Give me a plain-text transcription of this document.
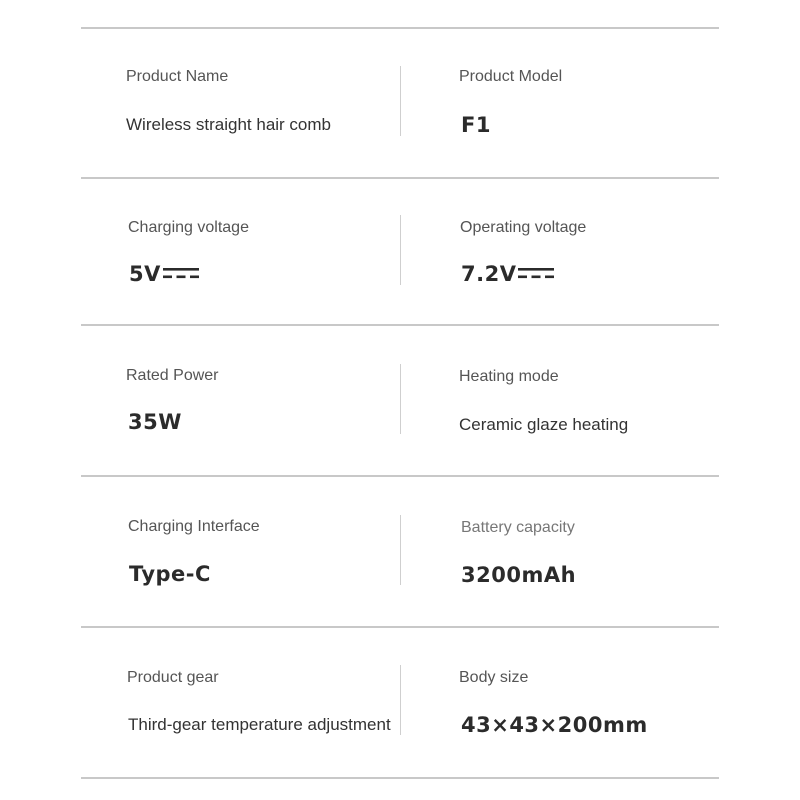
Product Name
Wireless straight hair comb
Product Model
F1
Charging voltage
5V
Operating voltage
7.2V
Rated Power
35W
Heating mode
Ceramic glaze heating
Charging Interface
Type-C
Battery capacity
3200mAh
Product gear
Third-gear temperature adjustment
Body size
43×43×200mm
